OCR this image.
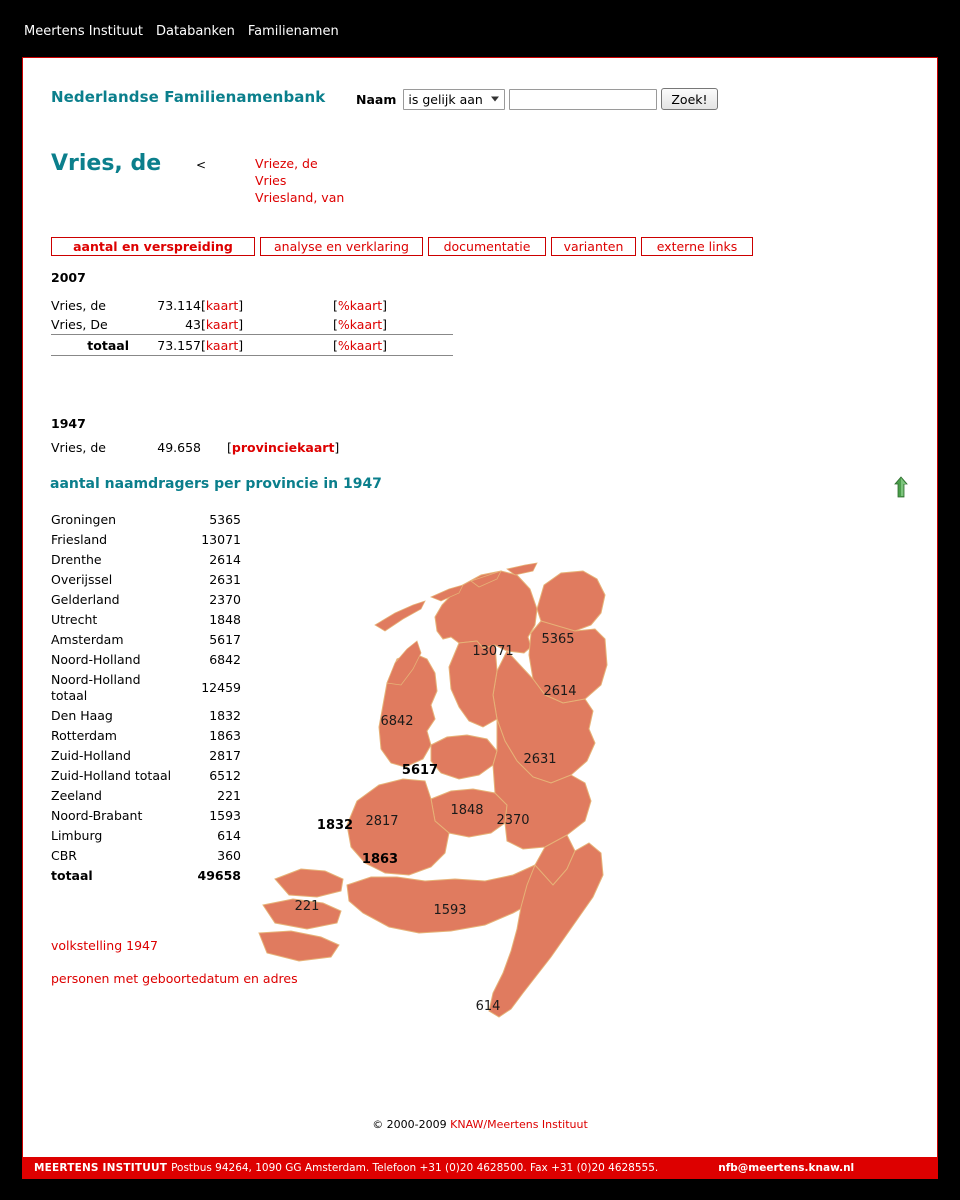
Meertens Instituut Databanken Familienamen
Nederlandse Familienamenbank Naam is gelijk aan	Zoek!
Vries, de	<	Vrieze, de
Vries
Vriesland, van
aantal en verspreiding	analyse en verklaring	documentatie	varianten	externe links
2007
Vries, de	73.114	[kaart]	[%kaart]
Vries, De	43	[kaart]	[%kaart]

totaal	73.157	[kaart]	[%kaart]

1947
Vries, de	49.658	[provinciekaart]
aantal naamdragers per provincie in 1947
Groningen	5365
Friesland	13071
Drenthe	2614
Overijssel	2631
Gelderland	2370
Utrecht	1848
Amsterdam	5617
Noord-Holland	6842
Noord-Holland totaal	12459
Den Haag	1832
Rotterdam	1863
Zuid-Holland	2817
Zuid-Holland totaal	6512
Zeeland	221
Noord-Brabant	1593
Limburg	614
CBR	360
totaal	49658
13071
5365
2614
6842
2631
5617
1848
2370
2817
1832
1863
221	1593
614
volkstelling 1947
personen met geboortedatum en adres
© 2000-2009 KNAW/Meertens Instituut
MEERTENS INSTITUUT Postbus 94264, 1090 GG Amsterdam. Telefoon +31 (0)20 4628500. Fax +31 (0)20 4628555.	nfb@meertens.knaw.nl
